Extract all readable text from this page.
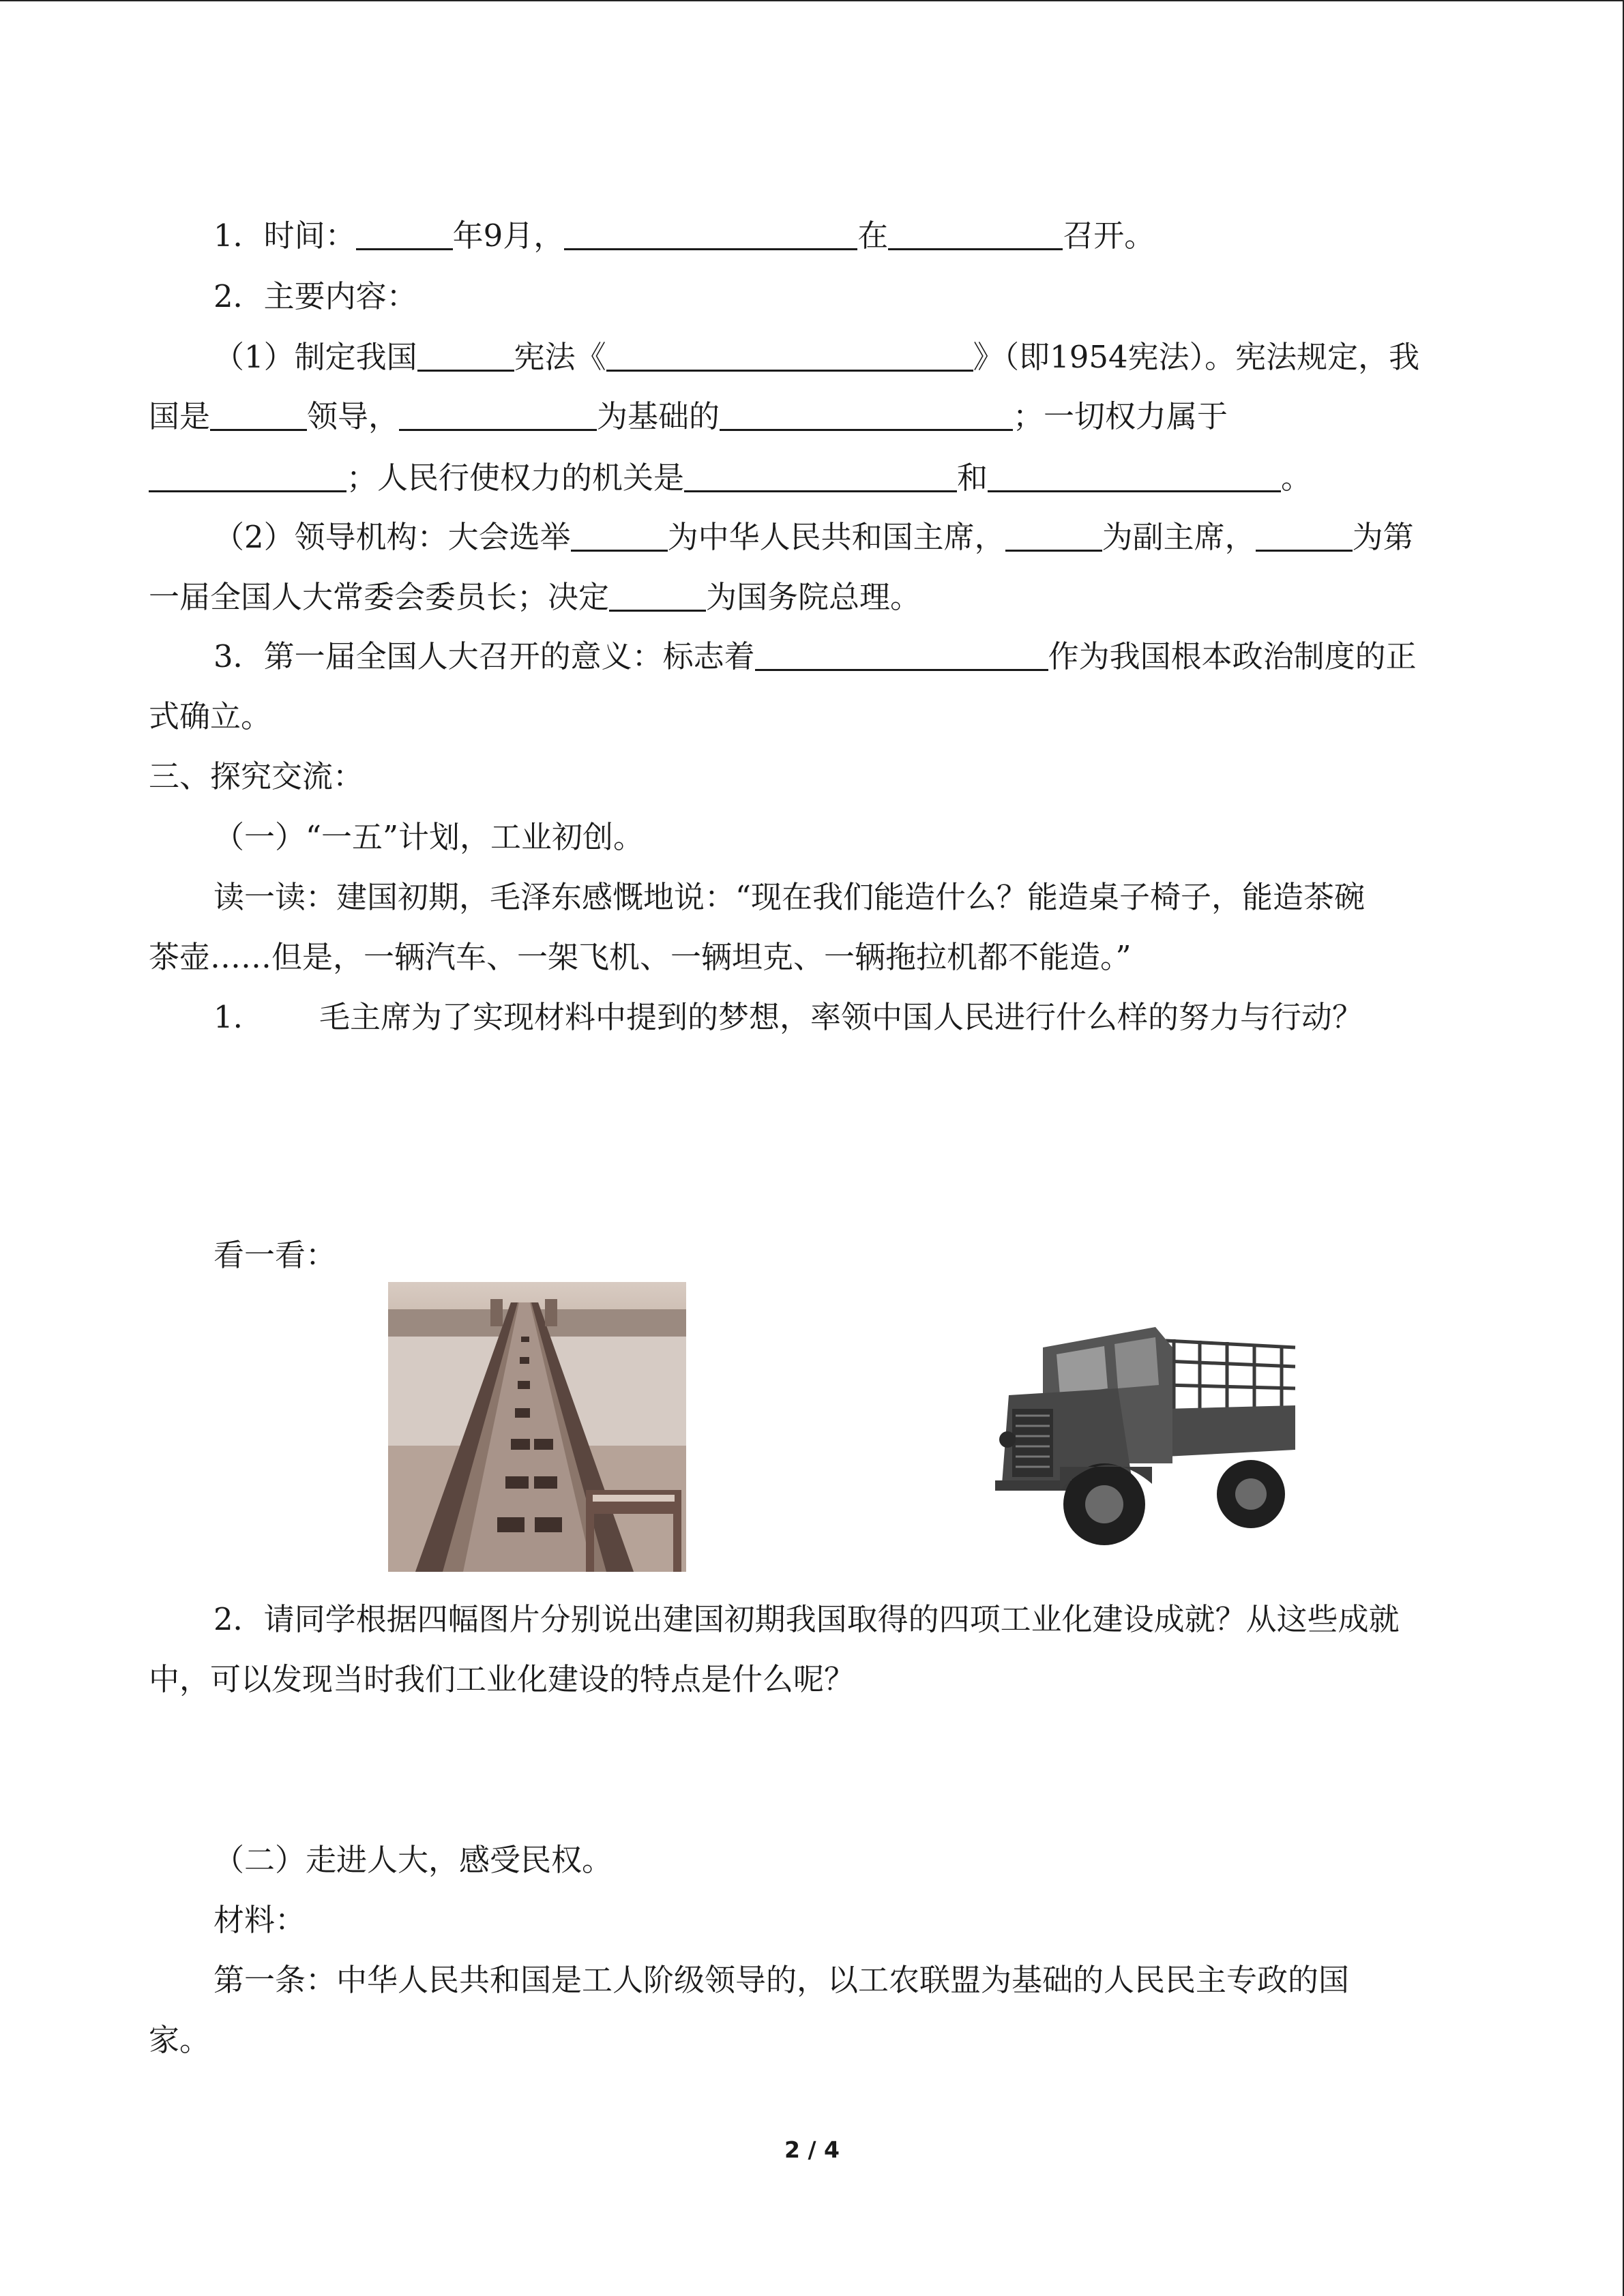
1．时间：	年9月，	在	召开。
2．主要内容：
（1）制定我国	宪法《	》（即1954宪法）。宪法规定，我
国是	领导，	为基础的	；一切权力属于
；人民行使权力的机关是	和	。
（2）领导机构：大会选举	为中华人民共和国主席，	为副主席，	为第
一届全国人大常委会委员长；决定	为国务院总理。
3．第一届全国人大召开的意义：标志着	作为我国根本政治制度的正
式确立。
三、探究交流：
（一）“一五”计划，工业初创。
读一读：建国初期，毛泽东感慨地说：“现在我们能造什么？能造桌子椅子，能造茶碗
茶壶……但是，一辆汽车、一架飞机、一辆坦克、一辆拖拉机都不能造。”
1. 毛主席为了实现材料中提到的梦想，率领中国人民进行什么样的努力与行动？
看一看：
2．请同学根据四幅图片分别说出建国初期我国取得的四项工业化建设成就？从这些成就
中，可以发现当时我们工业化建设的特点是什么呢？
（二）走进人大，感受民权。
材料：
第一条：中华人民共和国是工人阶级领导的，以工农联盟为基础的人民民主专政的国
家。
2 / 4
